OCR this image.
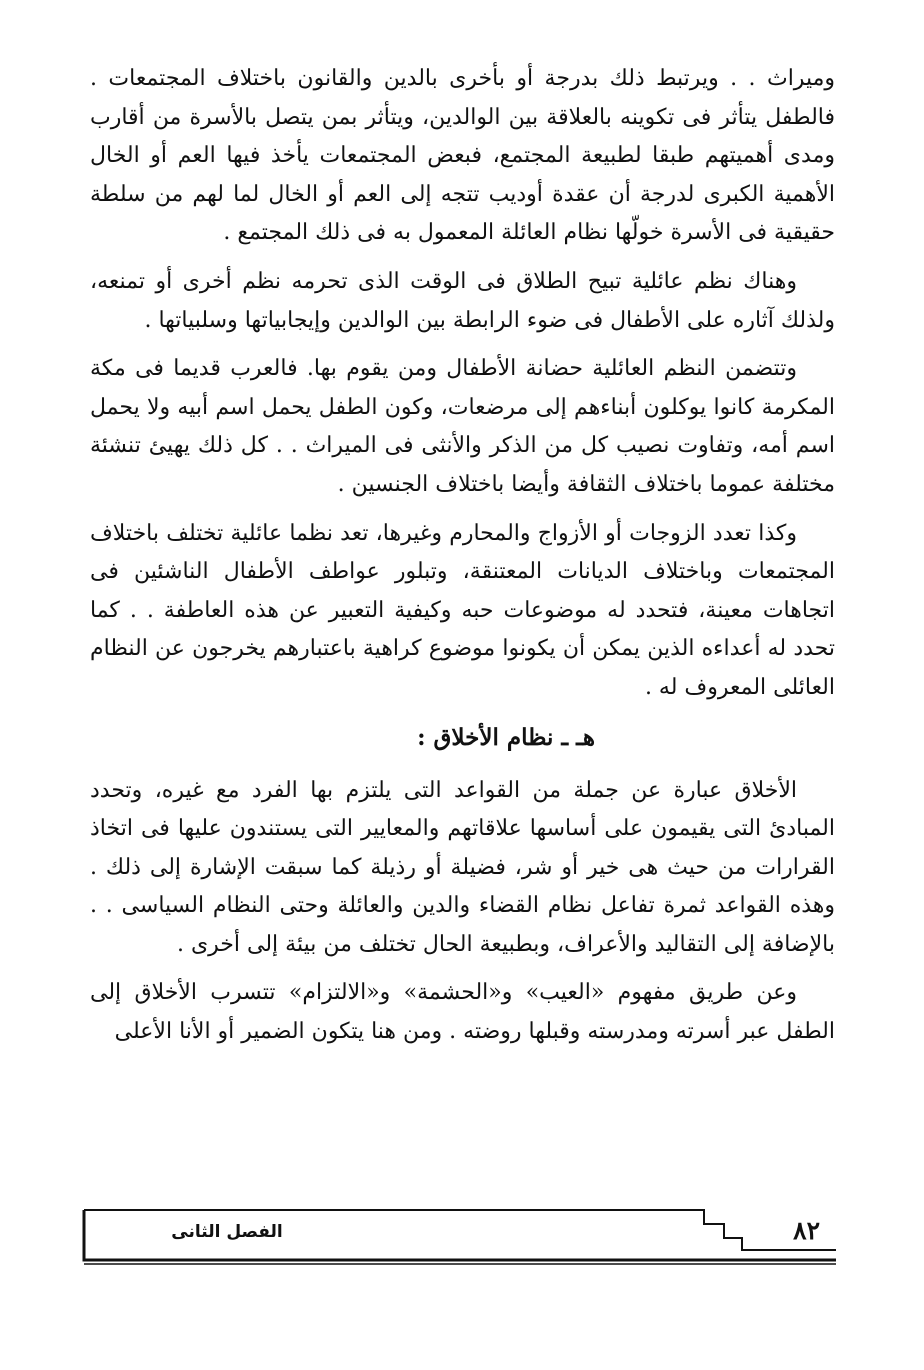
وميراث . . ويرتبط ذلك بدرجة أو بأخرى بالدين والقانون باختلاف المجتمعات . فالطفل يتأثر فى تكوينه بالعلاقة بين الوالدين، ويتأثر بمن يتصل بالأسرة من أقارب ومدى أهميتهم طبقا لطبيعة المجتمع، فبعض المجتمعات يأخذ فيها العم أو الخال الأهمية الكبرى لدرجة أن عقدة أوديب تتجه إلى العم أو الخال لما لهم من سلطة حقيقية فى الأسرة خولّها نظام العائلة المعمول به فى ذلك المجتمع .

وهناك نظم عائلية تبيح الطلاق فى الوقت الذى تحرمه نظم أخرى أو تمنعه، ولذلك آثاره على الأطفال فى ضوء الرابطة بين الوالدين وإيجابياتها وسلبياتها .

وتتضمن النظم العائلية حضانة الأطفال ومن يقوم بها. فالعرب قديما فى مكة المكرمة كانوا يوكلون أبناءهم إلى مرضعات، وكون الطفل يحمل اسم أبيه ولا يحمل اسم أمه، وتفاوت نصيب كل من الذكر والأنثى فى الميراث . . كل ذلك يهيئ تنشئة مختلفة عموما باختلاف الثقافة وأيضا باختلاف الجنسين .

وكذا تعدد الزوجات أو الأزواج والمحارم وغيرها، تعد نظما عائلية تختلف باختلاف المجتمعات وباختلاف الديانات المعتنقة، وتبلور عواطف الأطفال الناشئين فى اتجاهات معينة، فتحدد له موضوعات حبه وكيفية التعبير عن هذه العاطفة . . كما تحدد له أعداءه الذين يمكن أن يكونوا موضوع كراهية باعتبارهم يخرجون عن النظام العائلى المعروف له .

هـ ـ نظام الأخلاق :

الأخلاق عبارة عن جملة من القواعد التى يلتزم بها الفرد مع غيره، وتحدد المبادئ التى يقيمون على أساسها علاقاتهم والمعايير التى يستندون عليها فى اتخاذ القرارات من حيث هى خير أو شر، فضيلة أو رذيلة كما سبقت الإشارة إلى ذلك . وهذه القواعد ثمرة تفاعل نظام القضاء والدين والعائلة وحتى النظام السياسى . . بالإضافة إلى التقاليد والأعراف، وبطبيعة الحال تختلف من بيئة إلى أخرى .

وعن طريق مفهوم «العيب» و«الحشمة» و«الالتزام» تتسرب الأخلاق إلى الطفل عبر أسرته ومدرسته وقبلها روضته . ومن هنا يتكون الضمير أو الأنا الأعلى

الفصل الثانى	٨٢
